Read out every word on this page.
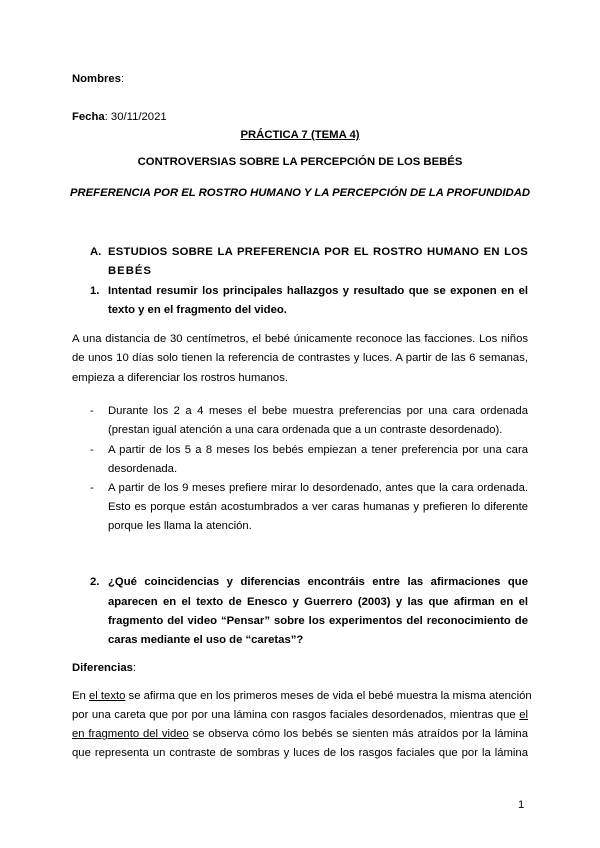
Nombres:
Fecha: 30/11/2021
PRÁCTICA 7 (TEMA 4)
CONTROVERSIAS SOBRE LA PERCEPCIÓN DE LOS BEBÉS
PREFERENCIA POR EL ROSTRO HUMANO Y LA PERCEPCIÓN DE LA PROFUNDIDAD
A. ESTUDIOS SOBRE LA PREFERENCIA POR EL ROSTRO HUMANO EN LOS
BEBÉS
1. Intentad resumir los principales hallazgos y resultado que se exponen en el
texto y en el fragmento del video.
A una distancia de 30 centímetros, el bebé únicamente reconoce las facciones. Los niños
de unos 10 días solo tienen la referencia de contrastes y luces. A partir de las 6 semanas,
empieza a diferenciar los rostros humanos.
- Durante los 2 a 4 meses el bebe muestra preferencias por una cara ordenada
(prestan igual atención a una cara ordenada que a un contraste desordenado).
- A partir de los 5 a 8 meses los bebés empiezan a tener preferencia por una cara
desordenada.
- A partir de los 9 meses prefiere mirar lo desordenado, antes que la cara ordenada.
Esto es porque están acostumbrados a ver caras humanas y prefieren lo diferente
porque les llama la atención.
2. ¿Qué coincidencias y diferencias encontráis entre las afirmaciones que
aparecen en el texto de Enesco y Guerrero (2003) y las que afirman en el
fragmento del video “Pensar” sobre los experimentos del reconocimiento de
caras mediante el uso de “caretas”?
Diferencias:
En el texto se afirma que en los primeros meses de vida el bebé muestra la misma atención
por una careta que por por una lámina con rasgos faciales desordenados, mientras que el
en fragmento del video se observa cómo los bebés se sienten más atraídos por la lámina
que representa un contraste de sombras y luces de los rasgos faciales que por la lámina
1
